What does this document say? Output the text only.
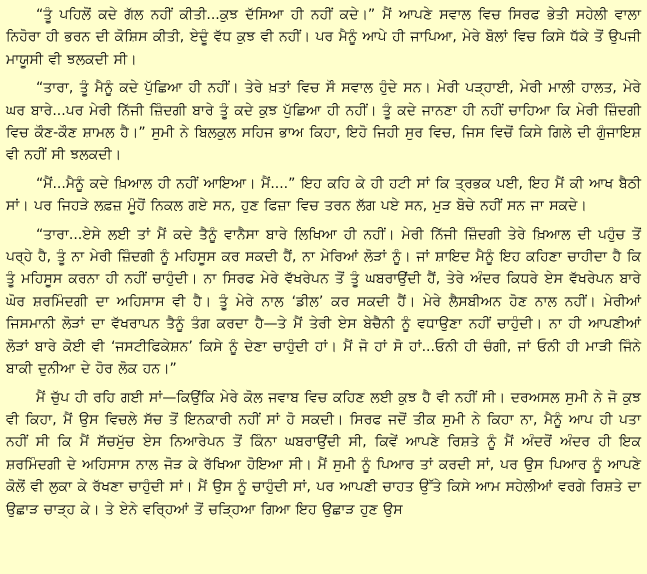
“ਤੂੰ ਪਹਿਲੋਂ ਕਦੇ ਗੱਲ ਨਹੀਂ ਕੀਤੀ...ਕੁਝ ਦੱਸਿਆ ਹੀ ਨਹੀਂ ਕਦੇ।” ਮੈਂ ਆਪਣੇ ਸਵਾਲ ਵਿਚ ਸਿਰਫ ਭੇਤੀ ਸਹੇਲੀ ਵਾਲਾ ਨਿਹੋਰਾ ਹੀ ਭਰਨ ਦੀ ਕੋਸ਼ਿਸ ਕੀਤੀ, ਏਦੂੰ ਵੱਧ ਕੁਝ ਵੀ ਨਹੀਂ। ਪਰ ਮੈਨੂੰ ਆਪੇ ਹੀ ਜਾਪਿਆ, ਮੇਰੇ ਬੋਲਾਂ ਵਿਚ ਕਿਸੇ ਧੱਕੇ ਤੋਂ ਉਪਜੀ ਮਾਯੂਸੀ ਵੀ ਝਲਕਦੀ ਸੀ।

“ਤਾਰਾ, ਤੂੰ ਮੈਨੂੰ ਕਦੇ ਪੁੱਛਿਆ ਹੀ ਨਹੀਂ। ਤੇਰੇ ਖ਼ਤਾਂ ਵਿਚ ਸੌ ਸਵਾਲ ਹੁੰਦੇ ਸਨ। ਮੇਰੀ ਪੜ੍ਹਾਈ, ਮੇਰੀ ਮਾਲੀ ਹਾਲਤ, ਮੇਰੇ ਘਰ ਬਾਰੇ...ਪਰ ਮੇਰੀ ਨਿੱਜੀ ਜ਼ਿੰਦਗੀ ਬਾਰੇ ਤੂੰ ਕਦੇ ਕੁਝ ਪੁੱਛਿਆ ਹੀ ਨਹੀਂ। ਤੂੰ ਕਦੇ ਜਾਨਣਾ ਹੀ ਨਹੀਂ ਚਾਹਿਆ ਕਿ ਮੇਰੀ ਜ਼ਿੰਦਗੀ ਵਿਚ ਕੌਣ-ਕੌਣ ਸ਼ਾਮਲ ਹੈ।” ਸੁਮੀ ਨੇ ਬਿਲਕੁਲ ਸਹਿਜ ਭਾਅ ਕਿਹਾ, ਇਹੋ ਜਿਹੀ ਸੁਰ ਵਿਚ, ਜਿਸ ਵਿਚੋਂ ਕਿਸੇ ਗਿਲੇ ਦੀ ਗੁੰਜਾਇਸ਼ ਵੀ ਨਹੀਂ ਸੀ ਝਲਕਦੀ।

“ਮੈਂ...ਮੈਨੂੰ ਕਦੇ ਖ਼ਿਆਲ ਹੀ ਨਹੀਂ ਆਇਆ। ਮੈਂ....” ਇਹ ਕਹਿ ਕੇ ਹੀ ਹਟੀ ਸਾਂ ਕਿ ਤ੍ਰਭਕ ਪਈ, ਇਹ ਮੈਂ ਕੀ ਆਖ ਬੈਠੀ ਸਾਂ। ਪਰ ਜਿਹੜੇ ਲਫ਼ਜ਼ ਮੂੰਹੋਂ ਨਿਕਲ ਗਏ ਸਨ, ਹੁਣ ਫਿਜ਼ਾ ਵਿਚ ਤਰਨ ਲੱਗ ਪਏ ਸਨ, ਮੁੜ ਬੋਚੇ ਨਹੀਂ ਸਨ ਜਾ ਸਕਦੇ।

“ਤਾਰਾ...ਏਸੇ ਲਈ ਤਾਂ ਮੈਂ ਕਦੇ ਤੈਨੂੰ ਵਾਨੈਸਾ ਬਾਰੇ ਲਿਖਿਆ ਹੀ ਨਹੀਂ। ਮੇਰੀ ਨਿੱਜੀ ਜ਼ਿੰਦਗੀ ਤੇਰੇ ਖ਼ਿਆਲ ਦੀ ਪਹੁੰਚ ਤੋਂ ਪਰ੍ਹੇ ਹੈ, ਤੂੰ ਨਾ ਮੇਰੀ ਜ਼ਿੰਦਗੀ ਨੂੰ ਮਹਿਸੂਸ ਕਰ ਸਕਦੀ ਹੈਂ, ਨਾ ਮੇਰਿਆਂ ਲੋੜਾਂ ਨੂੰ। ਜਾਂ ਸ਼ਾਇਦ ਮੈਨੂੰ ਇਹ ਕਹਿਣਾ ਚਾਹੀਦਾ ਹੈ ਕਿ ਤੂੰ ਮਹਿਸੂਸ ਕਰਨਾ ਹੀ ਨਹੀਂ ਚਾਹੁੰਦੀ। ਨਾ ਸਿਰਫ ਮੇਰੇ ਵੱਖਰੇਪਨ ਤੋਂ ਤੂੰ ਘਬਰਾਉਂਦੀ ਹੈਂ, ਤੇਰੇ ਅੰਦਰ ਕਿਧਰੇ ਏਸ ਵੱਖਰੇਪਨ ਬਾਰੇ ਘੋਰ ਸ਼ਰਮਿੰਦਗੀ ਦਾ ਅਹਿਸਾਸ ਵੀ ਹੈ। ਤੂੰ ਮੇਰੇ ਨਾਲ ‘ਡੀਲ’ ਕਰ ਸਕਦੀ ਹੈਂ। ਮੇਰੇ ਲੈਸਬੀਅਨ ਹੋਣ ਨਾਲ ਨਹੀਂ। ਮੇਰੀਆਂ ਜਿਸਮਾਨੀ ਲੋੜਾਂ ਦਾ ਵੱਖਰਾਪਨ ਤੈਨੂੰ ਤੰਗ ਕਰਦਾ ਹੈ—ਤੇ ਮੈਂ ਤੇਰੀ ਏਸ ਬੇਚੈਨੀ ਨੂੰ ਵਧਾਉਣਾ ਨਹੀਂ ਚਾਹੁੰਦੀ। ਨਾ ਹੀ ਆਪਣੀਆਂ ਲੋੜਾਂ ਬਾਰੇ ਕੋਈ ਵੀ ‘ਜਸਟੀਫਿਕੇਸ਼ਨ’ ਕਿਸੇ ਨੂੰ ਦੇਣਾ ਚਾਹੁੰਦੀ ਹਾਂ। ਮੈਂ ਜੋ ਹਾਂ ਸੋ ਹਾਂ...ਓਨੀ ਹੀ ਚੰਗੀ, ਜਾਂ ਓਨੀ ਹੀ ਮਾੜੀ ਜਿੰਨੇ ਬਾਕੀ ਦੁਨੀਆ ਦੇ ਹੋਰ ਲੋਕ ਹਨ।”

ਮੈਂ ਚੁੱਪ ਹੀ ਰਹਿ ਗਈ ਸਾਂ—ਕਿਉਂਕਿ ਮੇਰੇ ਕੋਲ ਜਵਾਬ ਵਿਚ ਕਹਿਣ ਲਈ ਕੁਝ ਹੈ ਵੀ ਨਹੀਂ ਸੀ। ਦਰਅਸਲ ਸੁਮੀ ਨੇ ਜੋ ਕੁਝ ਵੀ ਕਿਹਾ, ਮੈਂ ਉਸ ਵਿਚਲੇ ਸੱਚ ਤੋਂ ਇਨਕਾਰੀ ਨਹੀਂ ਸਾਂ ਹੋ ਸਕਦੀ। ਸਿਰਫ ਜਦੋਂ ਤੀਕ ਸੁਮੀ ਨੇ ਕਿਹਾ ਨਾ, ਮੈਨੂੰ ਆਪ ਹੀ ਪਤਾ ਨਹੀਂ ਸੀ ਕਿ ਮੈਂ ਸੱਚਮੁੱਚ ਏਸ ਨਿਆਰੇਪਨ ਤੋਂ ਕਿੰਨਾ ਘਬਰਾਉਂਦੀ ਸੀ, ਕਿਵੇਂ ਆਪਣੇ ਰਿਸ਼ਤੇ ਨੂੰ ਮੈਂ ਅੰਦਰੋਂ ਅੰਦਰ ਹੀ ਇਕ ਸ਼ਰਮਿੰਦਗੀ ਦੇ ਅਹਿਸਾਸ ਨਾਲ ਜੋੜ ਕੇ ਰੱਖਿਆ ਹੋਇਆ ਸੀ। ਮੈਂ ਸੁਮੀ ਨੂੰ ਪਿਆਰ ਤਾਂ ਕਰਦੀ ਸਾਂ, ਪਰ ਉਸ ਪਿਆਰ ਨੂੰ ਆਪਣੇ ਕੋਲੋਂ ਵੀ ਲੁਕਾ ਕੇ ਰੱਖਣਾ ਚਾਹੁੰਦੀ ਸਾਂ। ਮੈਂ ਉਸ ਨੂੰ ਚਾਹੁੰਦੀ ਸਾਂ, ਪਰ ਆਪਣੀ ਚਾਹਤ ਉੱਤੇ ਕਿਸੇ ਆਮ ਸਹੇਲੀਆਂ ਵਰਗੇ ਰਿਸ਼ਤੇ ਦਾ ਉਛਾੜ ਚਾੜ੍ਹ ਕੇ। ਤੇ ਏਨੇ ਵਰ੍ਹਿਆਂ ਤੋਂ ਚੜ੍ਹਿਆ ਗਿਆ ਇਹ ਉਛਾੜ ਹੁਣ ਉਸ
